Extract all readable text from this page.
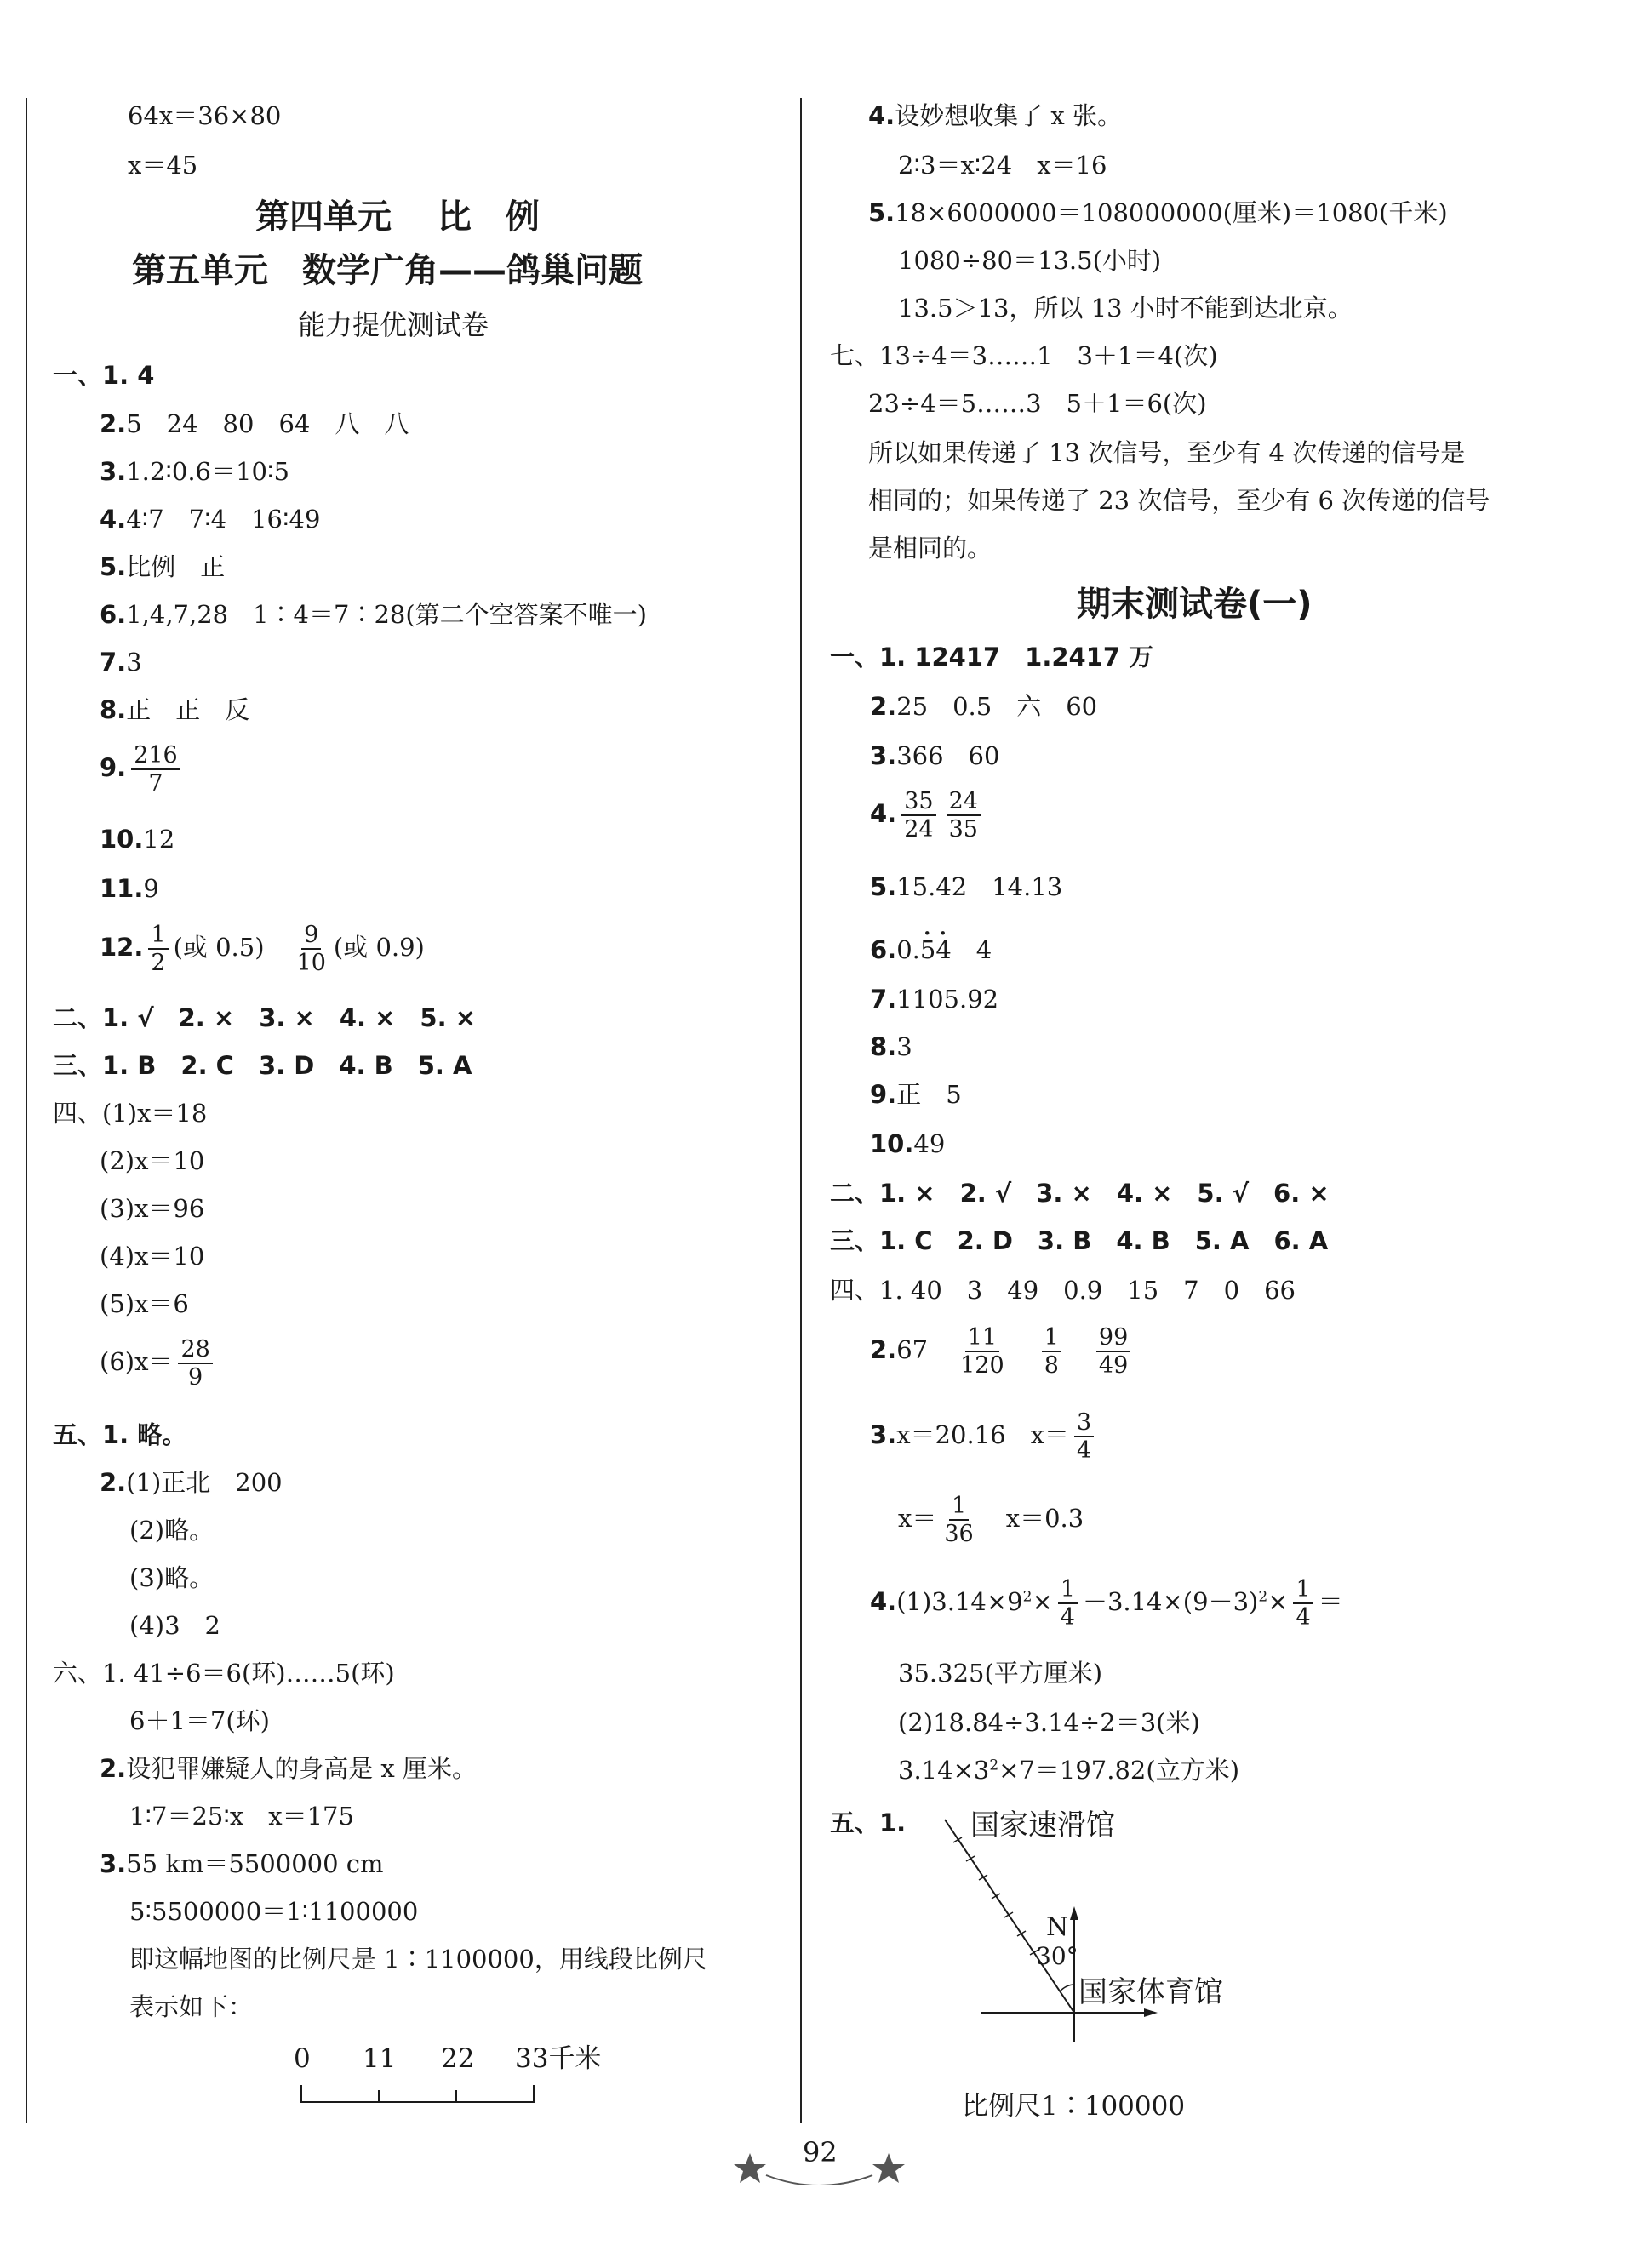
64x＝36×80
x＝45
第四单元　 比　例
第五单元　数学广角——鸽巢问题
能力提优测试卷
一、1. 4
2.5　24　80　64　八　八
3.1.2∶0.6＝10∶5
4.4∶7　7∶4　16∶49
5.比例　正
6.1,4,7,28　1∶4＝7∶28(第二个空答案不唯一)
7.3
8.正　正　反
9. $\frac{216}{7}$
10.12
11.9
12. $\frac{1}{2}$ (或 0.5)　 $\frac{9}{10}$ (或 0.9)
二、1. √　2. ×　3. ×　4. ×　5. ×
三、1. B　2. C　3. D　4. B　5. A
四、(1)x＝18
(2)x＝10
(3)x＝96
(4)x＝10
(5)x＝6
$(6)x= \frac{28}{9}$
五、1. 略。
2.(1)正北　200
(2)略。
(3)略。
(4)3　2
六、1. 41÷6＝6(环)……5(环)
6＋1＝7(环)
2.设犯罪嫌疑人的身高是 x 厘米。
1∶7＝25∶x　x＝175
3.55 km＝5500000 cm
5∶5500000＝1∶1100000
即这幅地图的比例尺是 1∶1100000，用线段比例尺
表示如下：
0 11 22 33千米
4.设妙想收集了 x 张。
2∶3＝x∶24　x＝16
5.18×6000000＝108000000(厘米)＝1080(千米)
1080÷80＝13.5(小时)
13.5＞13，所以 13 小时不能到达北京。
七、13÷4＝3……1　3＋1＝4(次)
23÷4＝5……3　5＋1＝6(次)
所以如果传递了 13 次信号，至少有 4 次传递的信号是
相同的；如果传递了 23 次信号，至少有 6 次传递的信号
是相同的。
期末测试卷(一)
一、1. 12417　1.2417 万
2.25　0.5　六　60
3.366　60
4. $\frac{35}{24} \frac{24}{35}$
5.15.42　14.13
6.0.· 5· 4　4
7.1105.92
8.3
9.正　5
10.49
二、1. ×　2. √　3. ×　4. ×　5. √　6. ×
三、1. C　2. D　3. B　4. B　5. A　6. A
四、1. 40　3　49　0.9　15　7　0　66
2.67　 $\frac{11}{120}$
　 $\frac{1}{8}$
　 $\frac{99}{49}$
3.x＝20.16　$x= \frac{3}{4}$
$x= \frac{1}{36}$
　 x＝0.3
$4.(1)3.14\times 9^2\times \frac{1}{4} -3.14\times(9-3)^2\times \frac{1}{4}$ ＝
35.325(平方厘米)
(2)18.84÷3.14÷2＝3(米)
$3.14\times 3^2\times 7=197.82$(立方米)
五、1. 国家速滑馆
N
30°
国家体育馆
比例尺1∶100000
92
